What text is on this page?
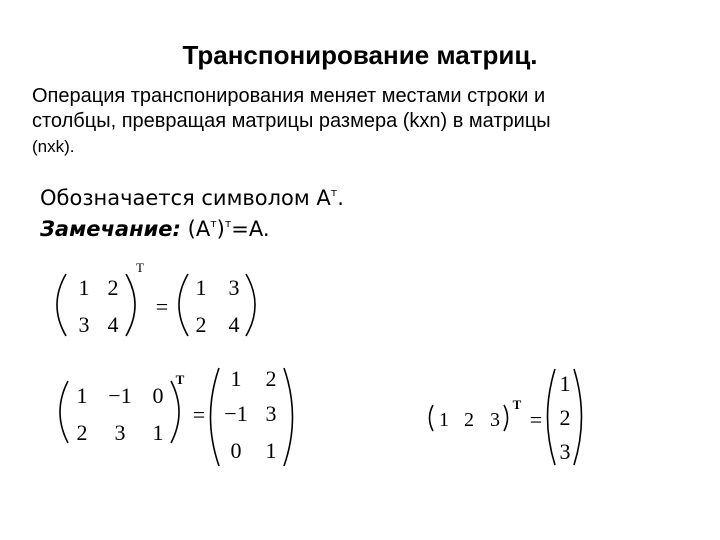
Транспонирование матриц.
Операция транспонирования меняет местами строки и
столбцы, превращая матрицы размера (kxn) в матрицы
(nxk).
Обозначается символом $A^т$.
Замечание: $(A^т)^т=A$.
1 2
3 4
T
=
1 3
2 4
1 −1 0
2 3 1
T
=
1 2
−1 3
0 1
1 2 3
T
=
1
2
3
